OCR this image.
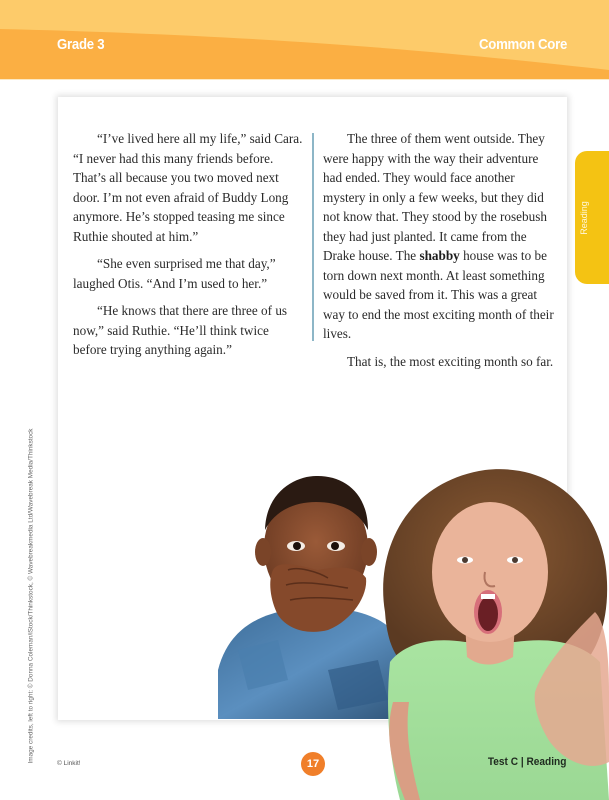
Grade 3	Common Core
Reading
Image credits, left to right: © Donna Coleman/iStock/Thinkstock, © Wavebreakmedia Ltd/Wavebreak Media/Thinkstock

“I’ve lived here all my life,” said Cara. “I never had this many friends before. That’s all because you two moved next door. I’m not even afraid of Buddy Long anymore. He’s stopped teasing me since Ruthie shouted at him.”

“She even surprised me that day,” laughed Otis. “And I’m used to her.”

“He knows that there are three of us now,” said Ruthie. “He’ll think twice before trying anything again.”

The three of them went outside. They were happy with the way their adventure had ended. They would face another mystery in only a few weeks, but they did not know that. They stood by the rosebush they had just planted. It came from the Drake house. The shabby house was to be torn down next month. At least something would be saved from it. This was a great way to end the most exciting month of their lives.

That is, the most exciting month so far.

© Linkit!	17	Test C | Reading
